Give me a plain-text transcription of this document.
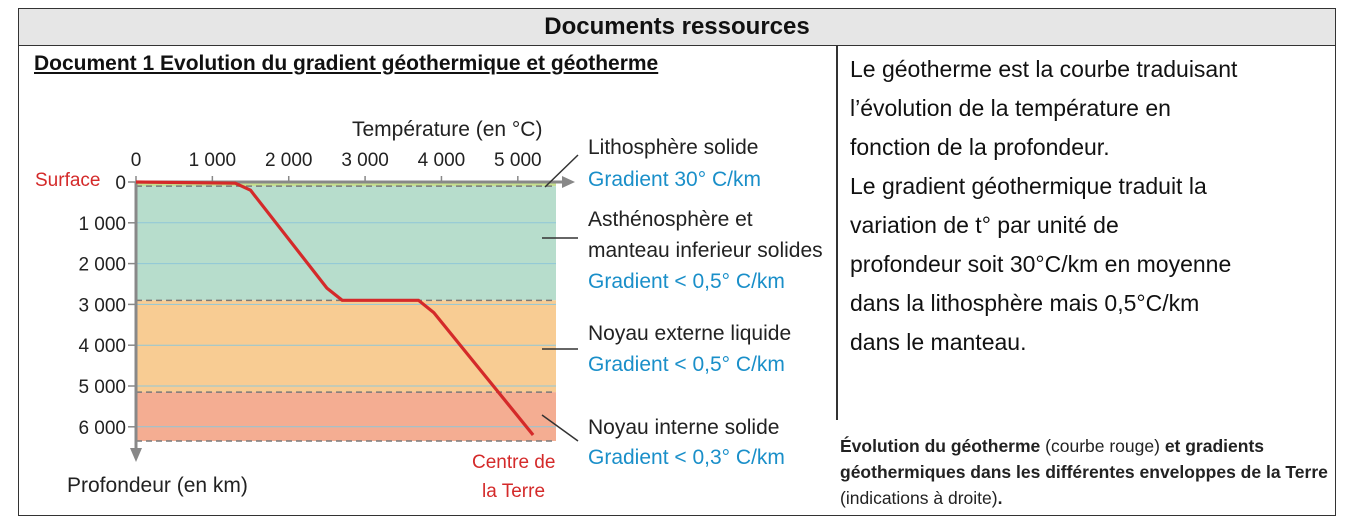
Documents ressources
Document 1 Evolution du gradient géothermique et géotherme	Le géotherme est la courbe traduisant

l’évolution de la température en

fonction de la profondeur.

Le gradient géothermique traduit la

variation de t° par unité de

profondeur soit 30°C/km en moyenne

dans la lithosphère mais 0,5°C/km

dans le manteau.

Évolution du géotherme (courbe rouge) et gradients géothermiques dans les différentes enveloppes de la Terre (indications à droite).
0 1 000 2 000 3 000 4 000 5 000
0
1 000
2 000
3 000
4 000
5 000
6 000
Température (en °C)
Profondeur (en km)
Surface
Centre de
la Terre
Lithosphère solide
Gradient 30° C/km
Asthénosphère et
manteau inferieur solides
Gradient < 0,5° C/km
Noyau externe liquide
Gradient < 0,5° C/km
Noyau interne solide
Gradient < 0,3° C/km
